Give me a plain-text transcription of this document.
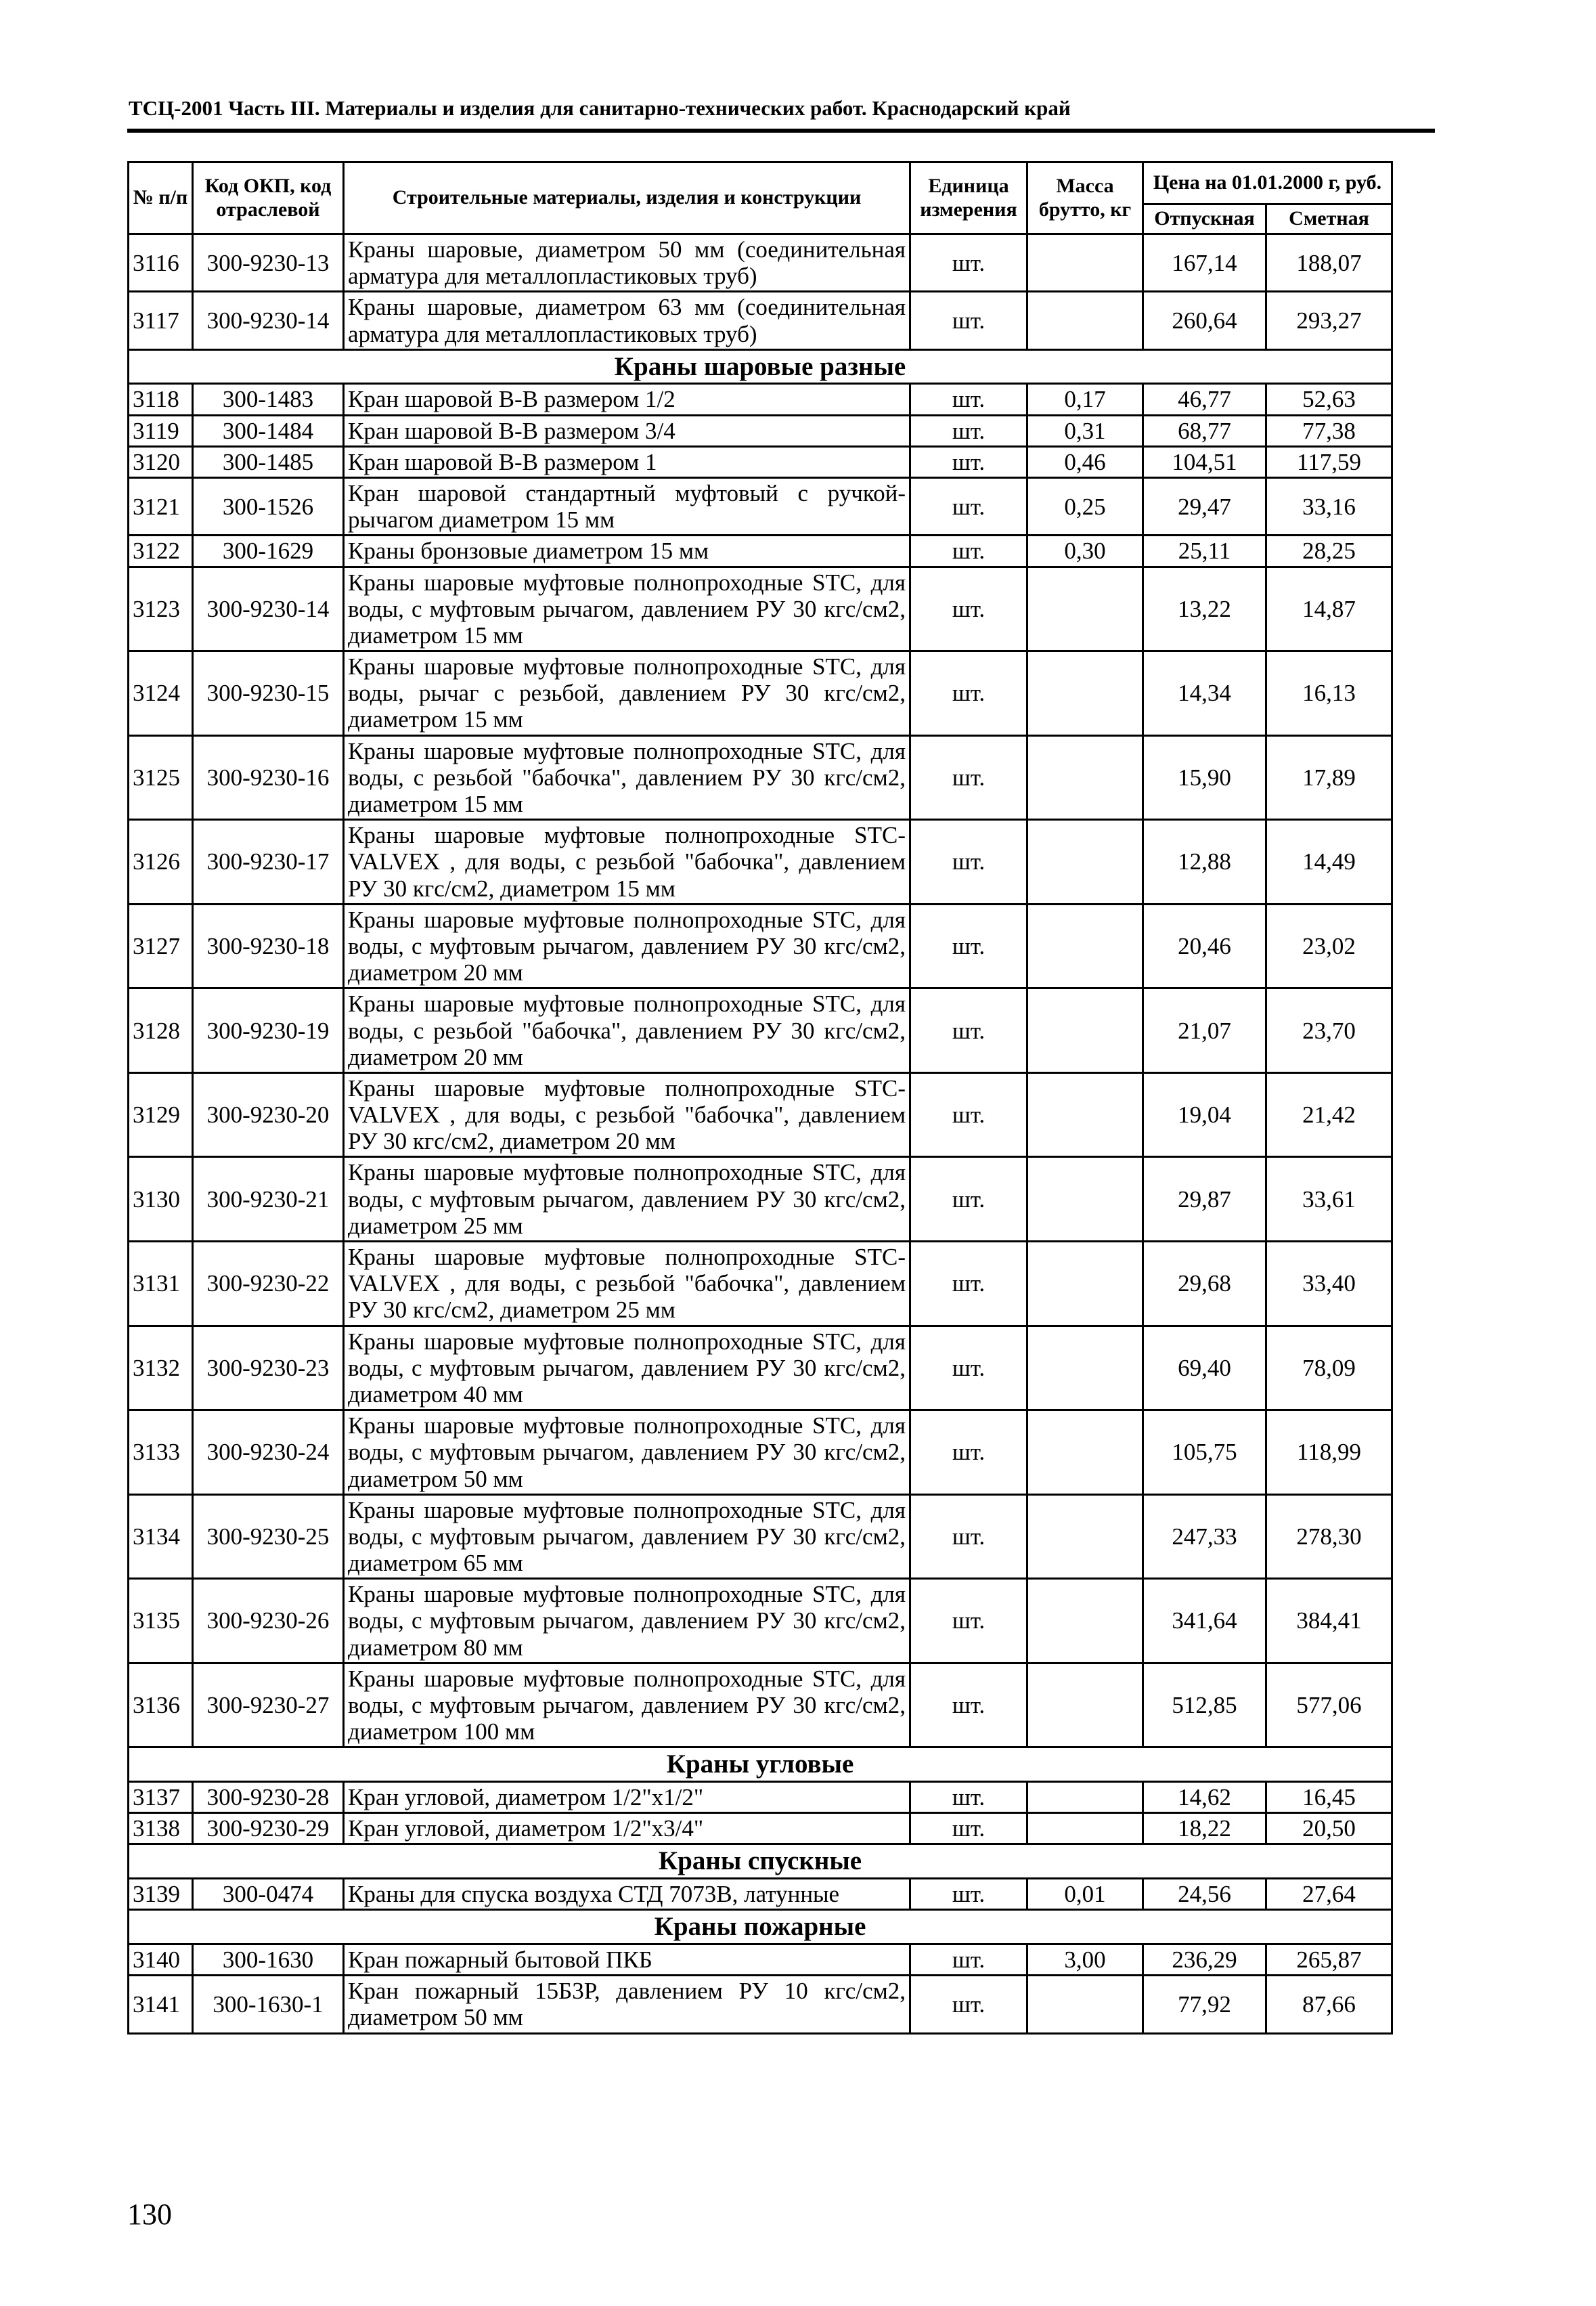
ТСЦ-2001 Часть III. Материалы и изделия для санитарно-технических работ. Краснодарский край
№ п/п	Код ОКП, код отраслевой	Строительные материалы, изделия и конструкции	Единица измерения	Масса брутто, кг	Цена на 01.01.2000 г, руб.	
					Отпускная	Сметная
3116	300-9230-13	Краны шаровые, диаметром 50 мм (соединительная арматура для металлопластиковых труб)	шт.		167,14	188,07
3117	300-9230-14	Краны шаровые, диаметром 63 мм (соединительная арматура для металлопластиковых труб)	шт.		260,64	293,27
Краны шаровые разные						
3118	300-1483	Кран шаровой В-В размером 1/2	шт.	0,17	46,77	52,63
3119	300-1484	Кран шаровой В-В размером 3/4	шт.	0,31	68,77	77,38
3120	300-1485	Кран шаровой В-В размером 1	шт.	0,46	104,51	117,59
3121	300-1526	Кран шаровой стандартный муфтовый с ручкой-рычагом диаметром 15 мм	шт.	0,25	29,47	33,16
3122	300-1629	Краны бронзовые диаметром 15 мм	шт.	0,30	25,11	28,25
3123	300-9230-14	Краны шаровые муфтовые полнопроходные STC, для воды, с муфтовым рычагом, давлением РУ 30 кгс/см2, диаметром 15 мм	шт.		13,22	14,87
3124	300-9230-15	Краны шаровые муфтовые полнопроходные STC, для воды, рычаг с резьбой, давлением РУ 30 кгс/см2, диаметром 15 мм	шт.		14,34	16,13
3125	300-9230-16	Краны шаровые муфтовые полнопроходные STC, для воды, с резьбой "бабочка", давлением РУ 30 кгс/см2, диаметром 15 мм	шт.		15,90	17,89
3126	300-9230-17	Краны шаровые муфтовые полнопроходные STC-VALVEX , для воды, с резьбой "бабочка", давлением РУ 30 кгс/см2, диаметром 15 мм	шт.		12,88	14,49
3127	300-9230-18	Краны шаровые муфтовые полнопроходные STC, для воды, с муфтовым рычагом, давлением РУ 30 кгс/см2, диаметром 20 мм	шт.		20,46	23,02
3128	300-9230-19	Краны шаровые муфтовые полнопроходные STC, для воды, с резьбой "бабочка", давлением РУ 30 кгс/см2, диаметром 20 мм	шт.		21,07	23,70
3129	300-9230-20	Краны шаровые муфтовые полнопроходные STC-VALVEX , для воды, с резьбой "бабочка", давлением РУ 30 кгс/см2, диаметром 20 мм	шт.		19,04	21,42
3130	300-9230-21	Краны шаровые муфтовые полнопроходные STC, для воды, с муфтовым рычагом, давлением РУ 30 кгс/см2, диаметром 25 мм	шт.		29,87	33,61
3131	300-9230-22	Краны шаровые муфтовые полнопроходные STC-VALVEX , для воды, с резьбой "бабочка", давлением РУ 30 кгс/см2, диаметром 25 мм	шт.		29,68	33,40
3132	300-9230-23	Краны шаровые муфтовые полнопроходные STC, для воды, с муфтовым рычагом, давлением РУ 30 кгс/см2, диаметром 40 мм	шт.		69,40	78,09
3133	300-9230-24	Краны шаровые муфтовые полнопроходные STC, для воды, с муфтовым рычагом, давлением РУ 30 кгс/см2, диаметром 50 мм	шт.		105,75	118,99
3134	300-9230-25	Краны шаровые муфтовые полнопроходные STC, для воды, с муфтовым рычагом, давлением РУ 30 кгс/см2, диаметром 65 мм	шт.		247,33	278,30
3135	300-9230-26	Краны шаровые муфтовые полнопроходные STC, для воды, с муфтовым рычагом, давлением РУ 30 кгс/см2, диаметром 80 мм	шт.		341,64	384,41
3136	300-9230-27	Краны шаровые муфтовые полнопроходные STC, для воды, с муфтовым рычагом, давлением РУ 30 кгс/см2, диаметром 100 мм	шт.		512,85	577,06
Краны угловые						
3137	300-9230-28	Кран угловой, диаметром 1/2"x1/2"	шт.		14,62	16,45
3138	300-9230-29	Кран угловой, диаметром 1/2"x3/4"	шт.		18,22	20,50
Краны спускные						
3139	300-0474	Краны для спуска воздуха СТД 7073В, латунные	шт.	0,01	24,56	27,64
Краны пожарные						
3140	300-1630	Кран пожарный бытовой ПКБ	шт.	3,00	236,29	265,87
3141	300-1630-1	Кран пожарный 15Б3Р, давлением РУ 10 кгс/см2, диаметром 50 мм	шт.		77,92	87,66
130
